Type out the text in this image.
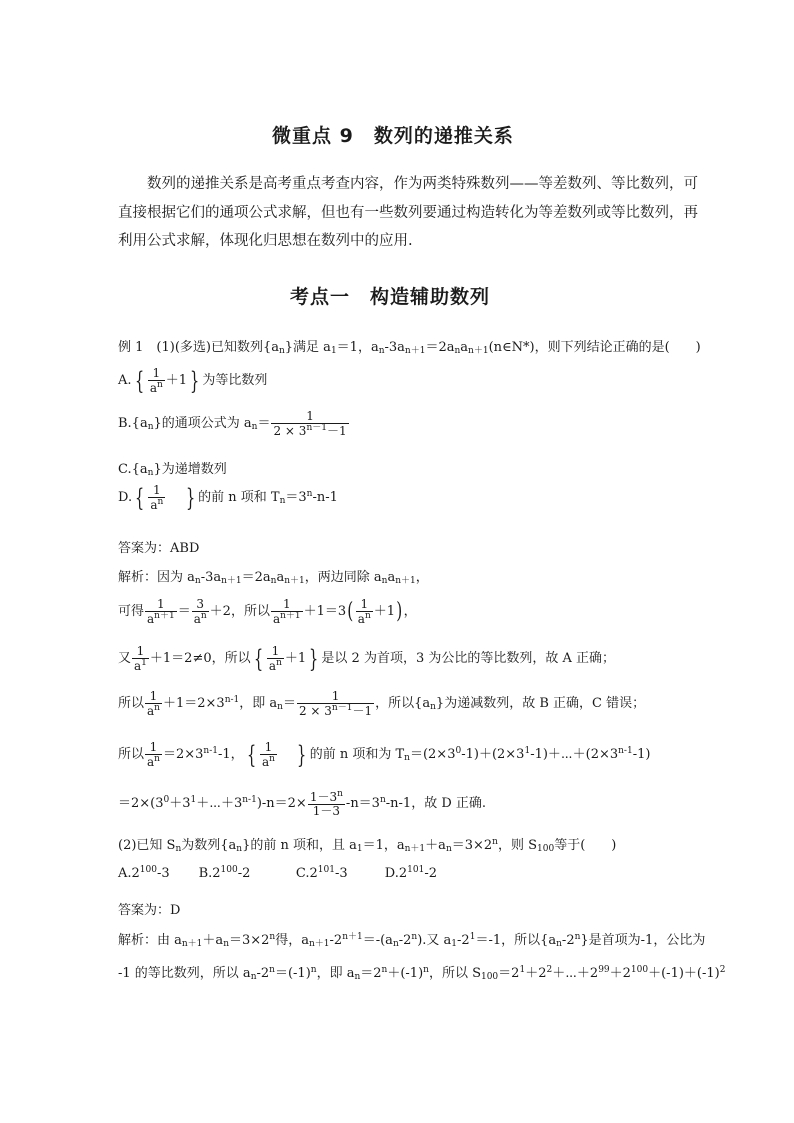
微重点 9　数列的递推关系
数列的递推关系是高考重点考查内容，作为两类特殊数列——等差数列、等比数列，可
直接根据它们的通项公式求解，但也有一些数列要通过构造转化为等差数列或等比数列，再
利用公式求解，体现化归思想在数列中的应用.
考点一　构造辅助数列
例 1　(1)(多选)已知数列$\{a_n\}$满足 $a_1=1$，$a_n-3a_{n+1}=2a_na_{n+1}(n\in N*)$，则下列结论正确的是(　　)
A. { $\frac{1}{a^n} +1$ } 为等比数列
$B.\{a_n\}$的通项公式为 $a_n= \frac{1}{2 \times 3^{n-1}-1}$
$C.\{a_n\}$为递增数列
D. { $\frac{1}{a^n}$ } 的前 n 项和 $T_n=3^n-n-1$
答案为：ABD
解析：因为 $a_n-3a_{n+1}=2a_na_{n+1}$，两边同除 $a_na_{n+1}$，
可得 $\frac{1}{a^{n+1}} = \frac{3}{a^n} +2$，所以 $\frac{1}{a^{n+1}} +1=3( \frac{1}{a^n} +1)$，
又 $\frac{1}{a^1} +1=2\ne 0$，所以 { $\frac{1}{a^n} +1$ } 是以 2 为首项，3 为公比的等比数列，故 A 正确；
所以 $\frac{1}{a^n} +1=2\times 3^{n-1}$，即 $a_n= \frac{1}{2 \times 3^{n-1}-1}$ ，所以$\{a_n\}$为递减数列，故 B 正确，C 错误；
所以 $\frac{1}{a^n} =2\times 3^{n-1}-1$， { $\frac{1}{a^n}$ } 的前 n 项和为 $T_n=(2\times 3^0-1)+(2\times 3^1-1)+\cdots+(2\times 3^{n-1}-1)$
$=2\times(3^0+3^1+\cdots+3^{n-1})-n=2\times \frac{1-3^n}{1-3} -n=3^n-n-1$，故 D 正确.
(2)已知 $S_n$为数列$\{a_n\}$的前 n 项和，且 $a_1=1$，$a_{n+1}+a_n=3\times 2^n$，则 $S_{100}$等于(　　)
$A.2^{100}-3$       $B.2^{100}-2$           $C.2^{101}-3$         $D.2^{101}-2$
答案为：D
解析：由 $a_{n+1}+a_n=3\times 2^n$得，$a_{n+1}-2^{n+1}=-(a_n-2^n)$.又 $a_1-2^1=-1$，所以$\{a_n-2^n\}$是首项为-1，公比为
-1 的等比数列，所以 $a_n-2^n=(-1)^n$，即 $a_n=2^n+(-1)^n$，所以 $S_{100}=2^1+2^2+\cdots+2^{99}+2^{100}+(-1)+(-1)^2$
